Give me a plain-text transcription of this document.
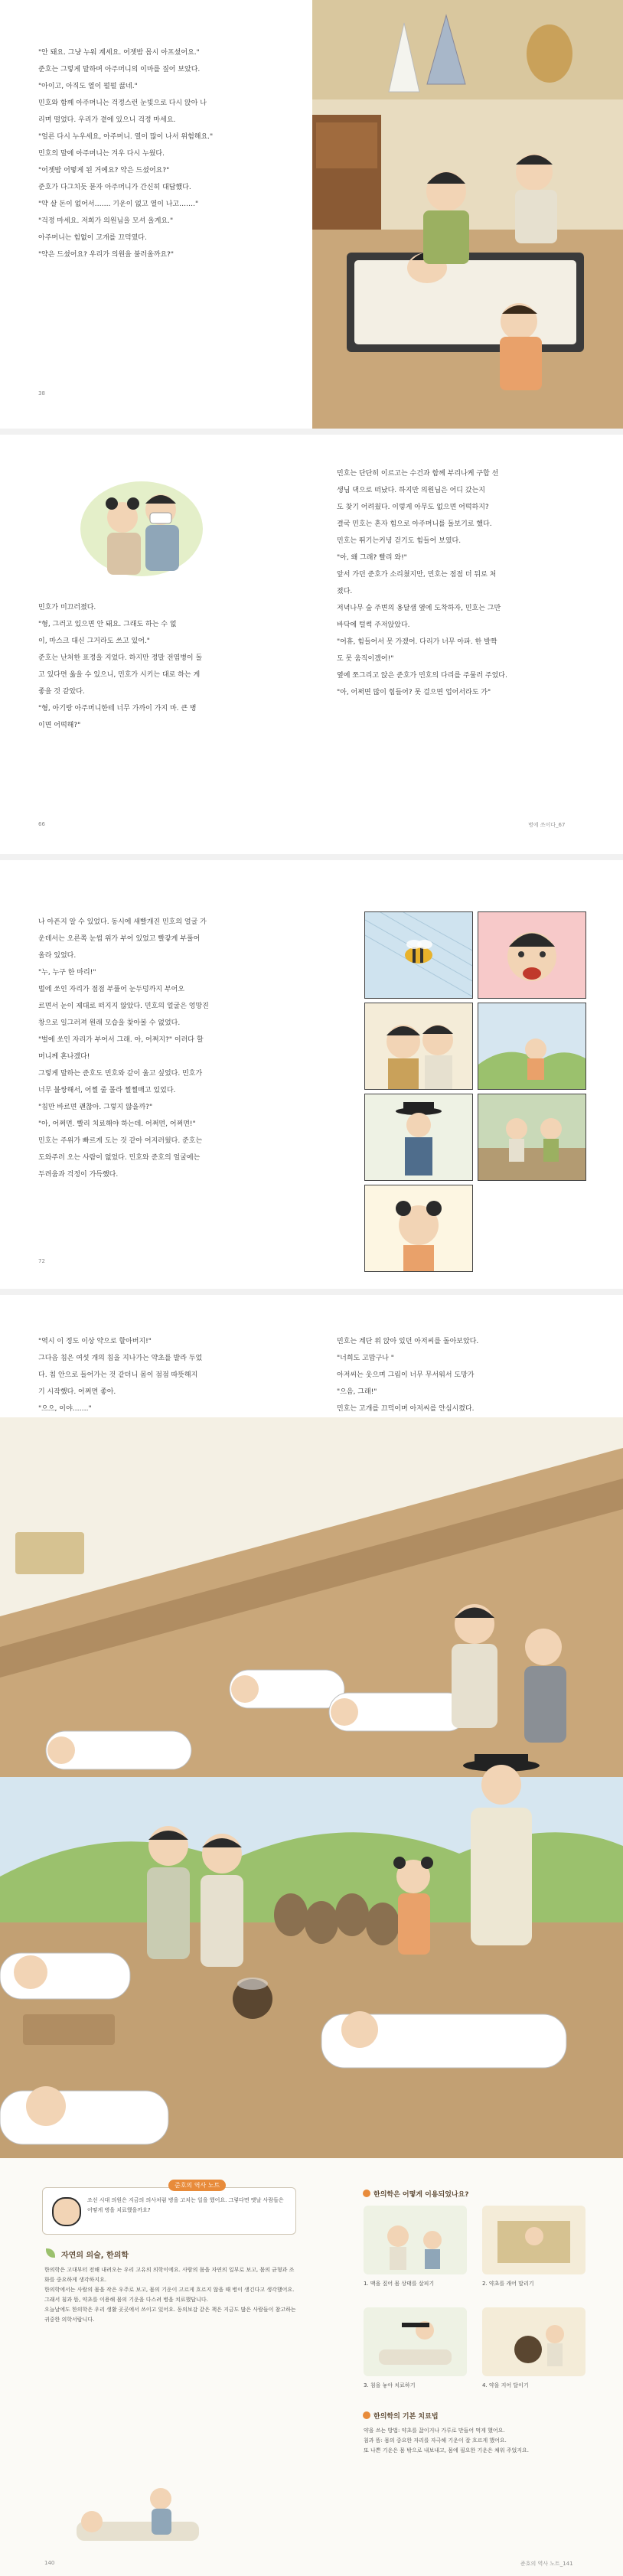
"안 돼요. 그냥 누워 계세요. 어젯밤 몹시 아프셨어요."
준호는 그렇게 말하며 아주머니의 이마를 짚어 보았다.
"아이고, 아직도 열이 펄펄 끓네."
민호와 함께 아주머니는 걱정스런 눈빛으로 다시 앉아 나
리며 떨었다. 우리가 곁에 있으니 걱정 마세요.
"얼른 다시 누우세요, 아주머니. 열이 많이 나서 위험해요."
민호의 말에 아주머니는 겨우 다시 누웠다.
"어젯밤 어떻게 된 거예요? 약은 드셨어요?"
준호가 다그치듯 묻자 아주머니가 간신히 대답했다.
"약 살 돈이 없어서……. 기운이 없고 열이 나고……."
"걱정 마세요. 저희가 의원님을 모셔 올게요."
아주머니는 힘없이 고개를 끄덕였다.
"약은 드셨어요? 우리가 의원을 불러올까요?"
38
민호가 미끄러졌다.
"형, 그러고 있으면 안 돼요. 그래도 하는 수 없
이, 마스크 대신 그거라도 쓰고 있어."
준호는 난처한 표정을 지었다. 하지만 정말 전염병이 돌
고 있다면 옮을 수 있으니, 민호가 시키는 대로 하는 게
좋을 것 같았다.
"형, 아기랑 아주머니한테 너무 가까이 가지 마. 큰 병
이면 어떡해?"
66
민호는 단단히 이르고는 수건과 함께 부리나케 구합 선
생님 댁으로 떠났다. 하지만 의원님은 어디 갔는지
도 찾기 어려웠다. 이렇게 아무도 없으면 어떡하지?
결국 민호는 혼자 힘으로 아주머니를 돌보기로 했다.
민호는 뛰기는커녕 걷기도 힘들어 보였다.
"아, 왜 그래? 빨리 와!"
앞서 가던 준호가 소리쳤지만, 민호는 점점 더 뒤로 처
졌다.
저녁나무 숲 주변의 옹달샘 옆에 도착하자, 민호는 그만
바닥에 털썩 주저앉았다.
"어휴, 힘들어서 못 가겠어. 다리가 너무 아파. 한 발짝
도 못 움직이겠어!"
옆에 쪼그리고 앉은 준호가 민호의 다리를 주물러 주었다.
"아, 어쩌면 많이 힘들어? 못 걸으면 업어서라도 가"
병에 쓰이다_67
나 아픈지 알 수 있었다. 동시에 새빨개진 민호의 얼굴 가
운데서는 오른쪽 눈썹 위가 부어 있었고 빨갛게 부풀어
올라 있었다.
"누, 누구 한 마리!"
벌에 쏘인 자리가 점점 부풀어 눈두덩까지 부어오
르면서 눈이 제대로 떠지지 않았다. 민호의 얼굴은 엉망진
창으로 일그러져 원래 모습을 찾아볼 수 없었다.
"벌에 쏘인 자리가 부어서 그래. 아, 어쩌지?" 이러다 할
머니께 혼나겠다!
그렇게 말하는 준호도 민호와 같이 울고 싶었다. 민호가
너무 불쌍해서, 어쩔 줄 몰라 쩔쩔매고 있었다.
"침만 바르면 괜찮아. 그렇지 않을까?"
"아, 어쩌면. 빨리 치료해야 하는데. 어쩌면, 어쩌면!"
민호는 주위가 빠르게 도는 것 같아 어지러웠다. 준호는
도와주러 오는 사람이 없었다. 민호와 준호의 얼굴에는
두려움과 걱정이 가득했다.
72
"역시 이 정도 이상 약으로 할아버지!"
그다음 침은 여섯 개의 침을 지나가는 약초를 발라 두었
다. 침 안으로 들어가는 것 같더니 몸이 점점 따뜻해지
기 시작했다. 어쩌면 좋아.
"으으, 이야……."

민호는 계단 위 앉아 있던 아저씨를 돌아보았다.
"너희도 고맙구나 "
아저씨는 웃으며 그림이 너무 무서워서 도망가
"으음, 그래!"
민호는 고개를 끄덕이며 아저씨를 안심시켰다.
조선 시대 의원은 지금의 의사처럼 병을 고치는 일을 했어요. 그렇다면 옛날 사람들은 어떻게 병을 치료했을까요?
준호의 역사 노트
자연의 의술, 한의학
한의학은 고대부터 전해 내려오는 우리 고유의 의학이에요. 사람의 몸을 자연의 일부로 보고, 몸의 균형과 조화를 중요하게 생각하지요.
한의학에서는 사람의 몸을 작은 우주로 보고, 몸의 기운이 고르게 흐르지 않을 때 병이 생긴다고 생각했어요. 그래서 침과 뜸, 약초를 이용해 몸의 기운을 다스려 병을 치료했답니다.
오늘날에도 한의학은 우리 생활 곳곳에서 쓰이고 있어요. 동의보감 같은 책은 지금도 많은 사람들이 참고하는 귀중한 의학서랍니다.
140
한의학은 어떻게 이용되었나요?
1. 맥을 짚어 몸 상태를 살피기	2. 약초를 캐어 말리기
3. 침을 놓아 치료하기	4. 약을 지어 달이기
한의학의 기본 치료법
약을 쓰는 방법: 약초를 끓이거나 가루로 만들어 먹게 했어요.
침과 뜸: 몸의 중요한 자리를 자극해 기운이 잘 흐르게 했어요.
또 나쁜 기운은 몸 밖으로 내보내고, 몸에 필요한 기운은 채워 주었지요.
준호의 역사 노트_141
